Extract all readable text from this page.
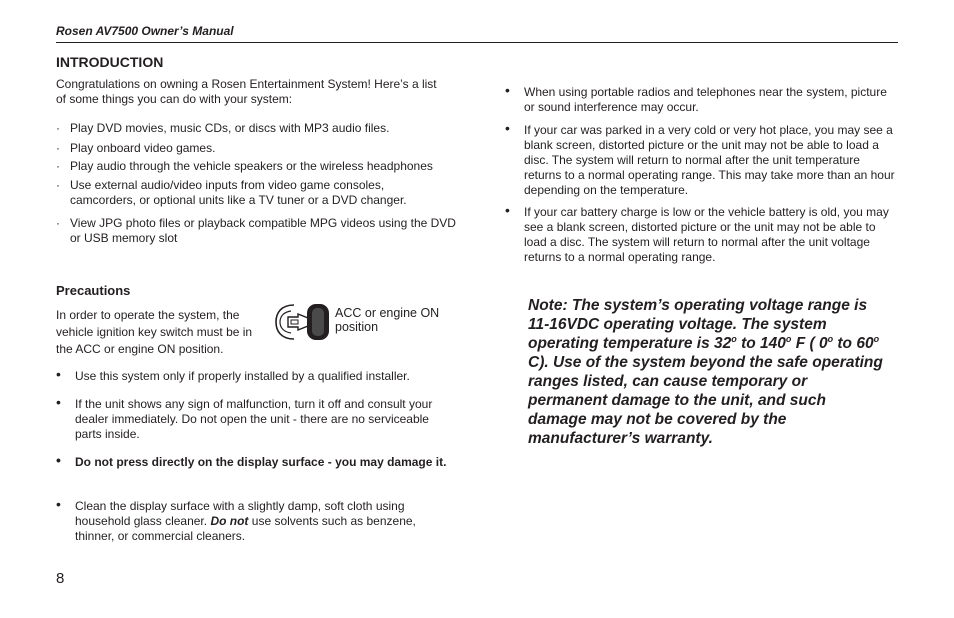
Rosen AV7500 Owner’s Manual
INTRODUCTION
Congratulations on owning a Rosen Entertainment System! Here’s a list of some things you can do with your system:
· Play DVD movies, music CDs, or discs with MP3 audio files.
· Play onboard video games.
· Play audio through the vehicle speakers or the wireless headphones
· Use external audio/video inputs from video game consoles, camcorders, or optional units like a TV tuner or a DVD changer.
· View JPG photo files or playback compatible MPG videos using the DVD or USB memory slot
Precautions
In order to operate the system, the vehicle ignition key switch must be in the ACC or engine ON position.
ACC or engine ON position
• Use this system only if properly installed by a qualified installer.
• If the unit shows any sign of malfunction, turn it off and consult your dealer immediately. Do not open the unit - there are no serviceable parts inside.
• Do not press directly on the display surface - you may damage it.
• Clean the display surface with a slightly damp, soft cloth using household glass cleaner. Do not use solvents such as benzene, thinner, or commercial cleaners.
• When using portable radios and telephones near the system, picture or sound interference may occur.
• If your car was parked in a very cold or very hot place, you may see a blank screen, distorted picture or the unit may not be able to load a disc. The system will return to normal after the unit temperature returns to a normal operating range. This may take more than an hour depending on the temperature.
• If your car battery charge is low or the vehicle battery is old, you may see a blank screen, distorted picture or the unit may not be able to load a disc. The system will return to normal after the unit voltage returns to a normal operating range.
Note: The system’s operating voltage range is 11-16VDC operating voltage. The system operating temperature is 32$^o$ to 140$^o$ F ( 0$^o$ to 60$^o$ C). Use of the system beyond the safe operating ranges listed, can cause temporary or permanent damage to the unit, and such damage may not be covered by the manufacturer’s warranty.
8
